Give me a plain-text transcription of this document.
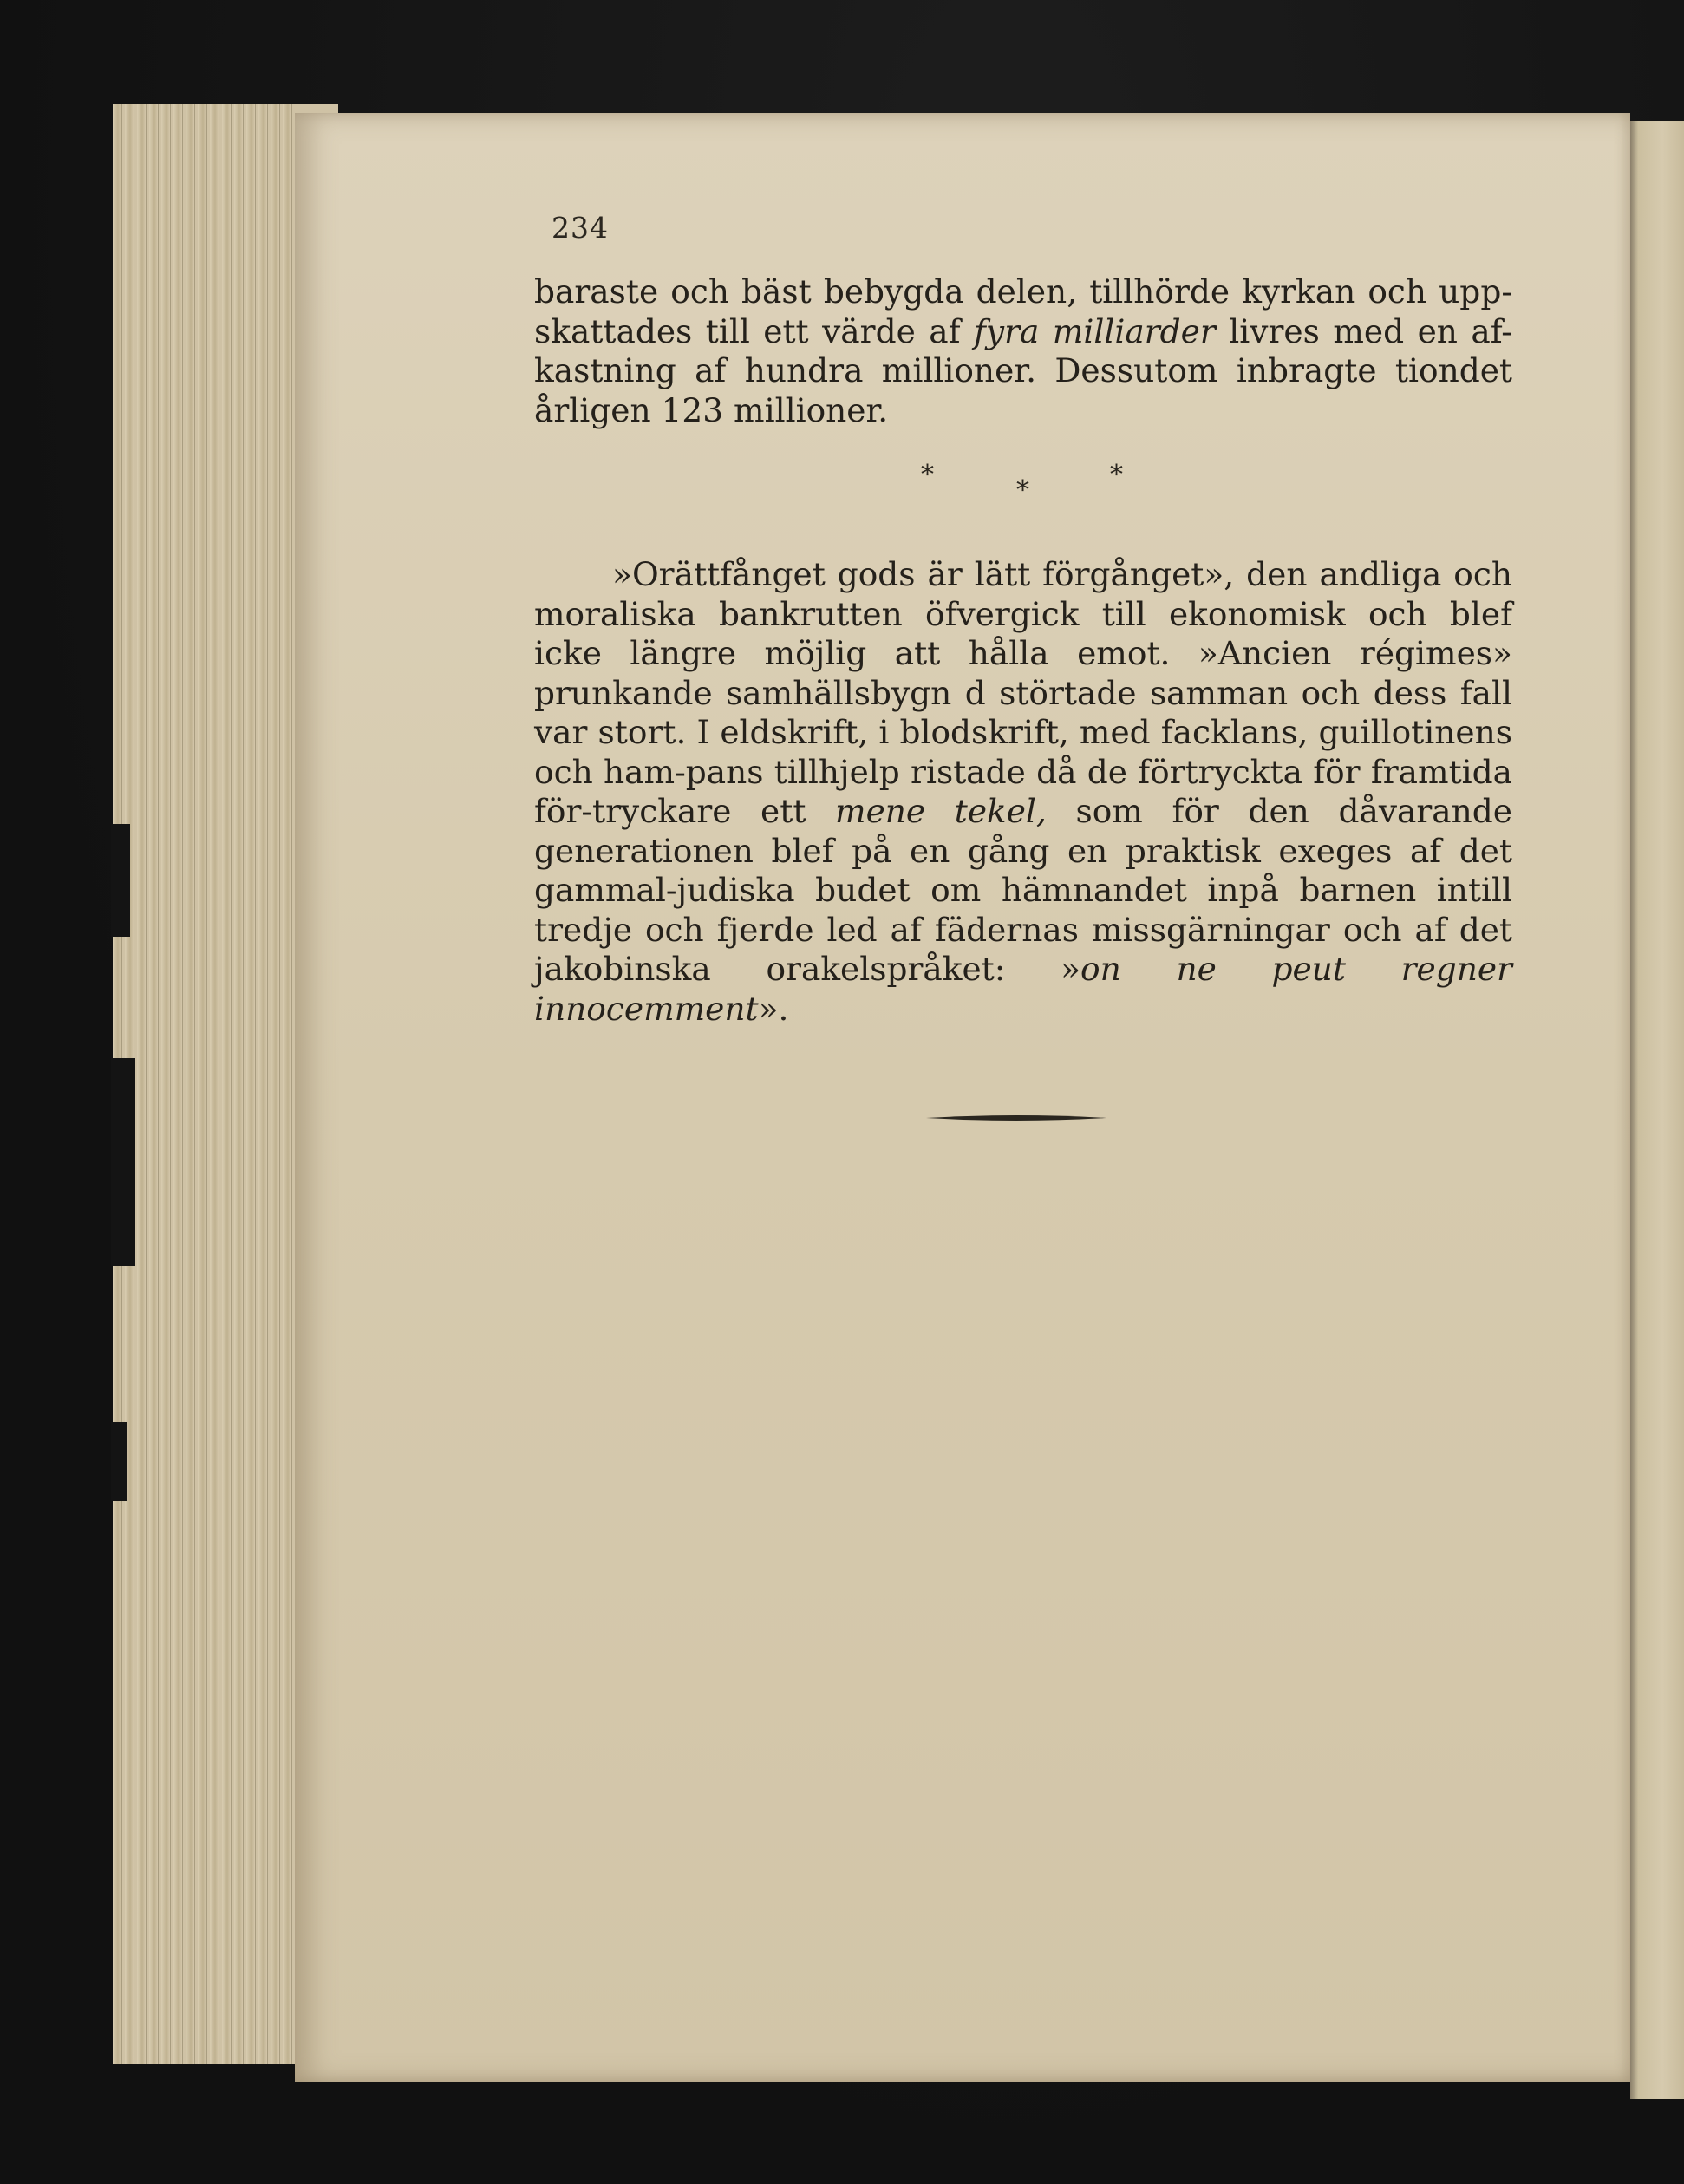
234

baraste och bäst bebygda delen, tillhörde kyrkan och upp-skattades till ett värde af fyra milliarder livres med en af-kastning af hundra millioner. Dessutom inbragte tiondet årligen 123 millioner.

*
*
*

»Orättfånget gods är lätt förgånget», den andliga och moraliska bankrutten öfvergick till ekonomisk och blef icke längre möjlig att hålla emot. »Ancien régimes» prunkande samhällsbygn d störtade samman och dess fall var stort. I eldskrift, i blodskrift, med facklans, guillotinens och ham-pans tillhjelp ristade då de förtryckta för framtida för-tryckare ett mene tekel, som för den dåvarande generationen blef på en gång en praktisk exeges af det gammal-judiska budet om hämnandet inpå barnen intill tredje och fjerde led af fädernas missgärningar och af det jakobinska orakelspråket: »on ne peut regner innocemment».
